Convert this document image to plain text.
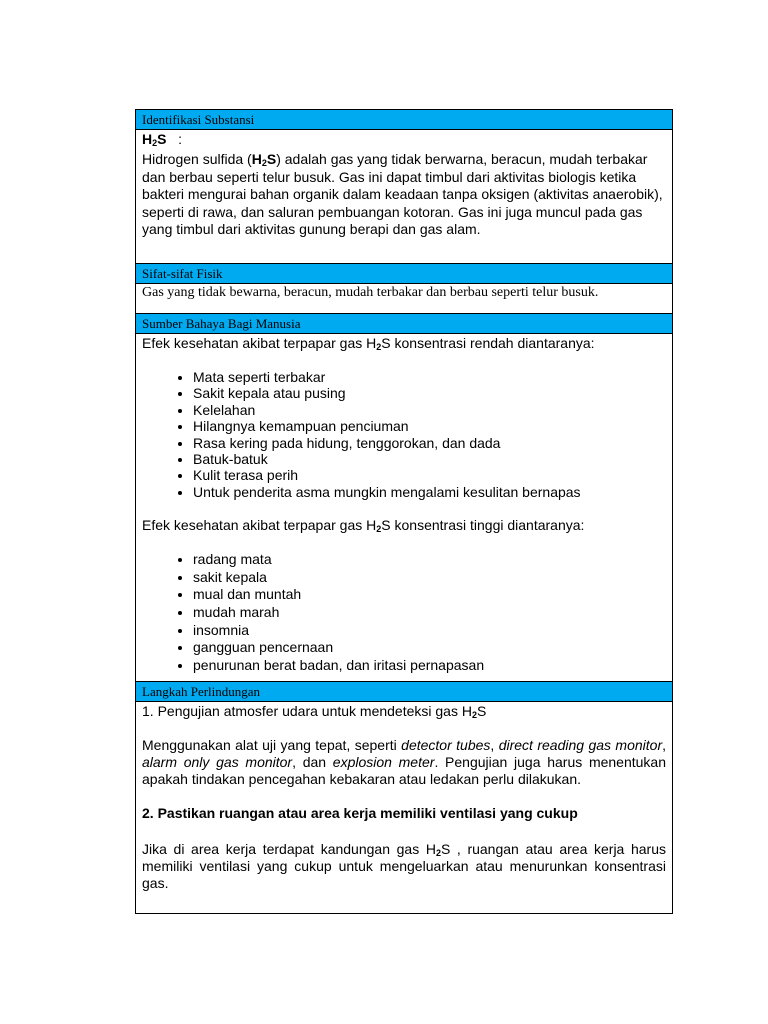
Identifikasi Substansi

$H_2S$ :

Hidrogen sulfida $(H_2S)$ adalah gas yang tidak berwarna, beracun, mudah terbakar dan berbau seperti telur busuk. Gas ini dapat timbul dari aktivitas biologis ketika bakteri mengurai bahan organik dalam keadaan tanpa oksigen (aktivitas anaerobik), seperti di rawa, dan saluran pembuangan kotoran. Gas ini juga muncul pada gas yang timbul dari aktivitas gunung berapi dan gas alam.

Sifat-sifat Fisik

Gas yang tidak bewarna, beracun, mudah terbakar dan berbau seperti telur busuk.

Sumber Bahaya Bagi Manusia

Efek kesehatan akibat terpapar gas $H_2S$ konsentrasi rendah diantaranya:

• Mata seperti terbakar
• Sakit kepala atau pusing
• Kelelahan
• Hilangnya kemampuan penciuman
• Rasa kering pada hidung, tenggorokan, dan dada
• Batuk-batuk
• Kulit terasa perih
• Untuk penderita asma mungkin mengalami kesulitan bernapas

Efek kesehatan akibat terpapar gas $H_2S$ konsentrasi tinggi diantaranya:

• radang mata
• sakit kepala
• mual dan muntah
• mudah marah
• insomnia
• gangguan pencernaan
• penurunan berat badan, dan iritasi pernapasan
Langkah Perlindungan

1. Pengujian atmosfer udara untuk mendeteksi gas $H_2S$

Menggunakan alat uji yang tepat, seperti detector tubes, direct reading gas monitor, alarm only gas monitor, dan explosion meter. Pengujian juga harus menentukan apakah tindakan pencegahan kebakaran atau ledakan perlu dilakukan.

2. Pastikan ruangan atau area kerja memiliki ventilasi yang cukup

Jika di area kerja terdapat kandungan gas $H_2S$ , ruangan atau area kerja harus memiliki ventilasi yang cukup untuk mengeluarkan atau menurunkan konsentrasi gas.
